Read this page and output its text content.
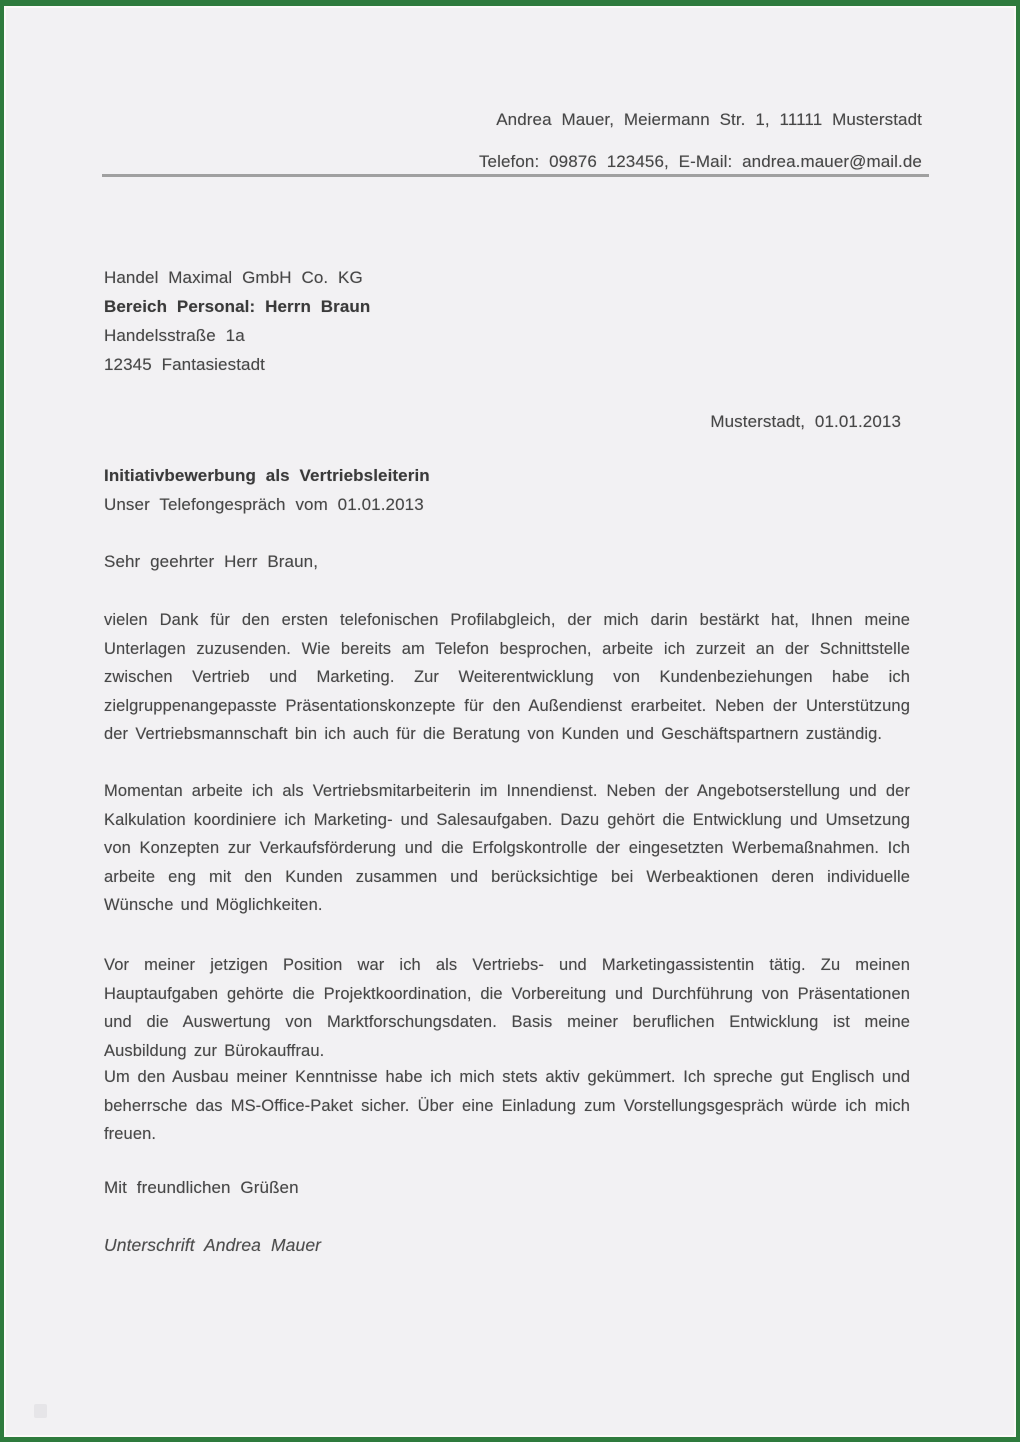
Andrea Mauer, Meiermann Str. 1, 11111 Musterstadt
Telefon: 09876 123456, E-Mail: andrea.mauer@mail.de
Handel Maximal GmbH Co. KG
Bereich Personal: Herrn Braun
Handelsstraße 1a
12345 Fantasiestadt
Musterstadt, 01.01.2013
Initiativbewerbung als Vertriebsleiterin
Unser Telefongespräch vom 01.01.2013
Sehr geehrter Herr Braun,
vielen Dank für den ersten telefonischen Profilabgleich, der mich darin bestärkt hat, Ihnen meine Unterlagen zuzusenden. Wie bereits am Telefon besprochen, arbeite ich zurzeit an der Schnittstelle zwischen Vertrieb und Marketing. Zur Weiterentwicklung von Kundenbeziehungen habe ich zielgruppenangepasste Präsentationskonzepte für den Außendienst erarbeitet. Neben der Unterstützung der Vertriebsmannschaft bin ich auch für die Beratung von Kunden und Geschäftspartnern zuständig.
Momentan arbeite ich als Vertriebsmitarbeiterin im Innendienst. Neben der Angebotserstellung und der Kalkulation koordiniere ich Marketing- und Salesaufgaben. Dazu gehört die Entwicklung und Umsetzung von Konzepten zur Verkaufsförderung und die Erfolgskontrolle der eingesetzten Werbemaßnahmen. Ich arbeite eng mit den Kunden zusammen und berücksichtige bei Werbeaktionen deren individuelle Wünsche und Möglichkeiten.
Vor meiner jetzigen Position war ich als Vertriebs- und Marketingassistentin tätig. Zu meinen Hauptaufgaben gehörte die Projektkoordination, die Vorbereitung und Durchführung von Präsentationen und die Auswertung von Marktforschungsdaten. Basis meiner beruflichen Entwicklung ist meine Ausbildung zur Bürokauffrau.
Um den Ausbau meiner Kenntnisse habe ich mich stets aktiv gekümmert. Ich spreche gut Englisch und beherrsche das MS-Office-Paket sicher. Über eine Einladung zum Vorstellungsgespräch würde ich mich freuen.
Mit freundlichen Grüßen
Unterschrift Andrea Mauer
